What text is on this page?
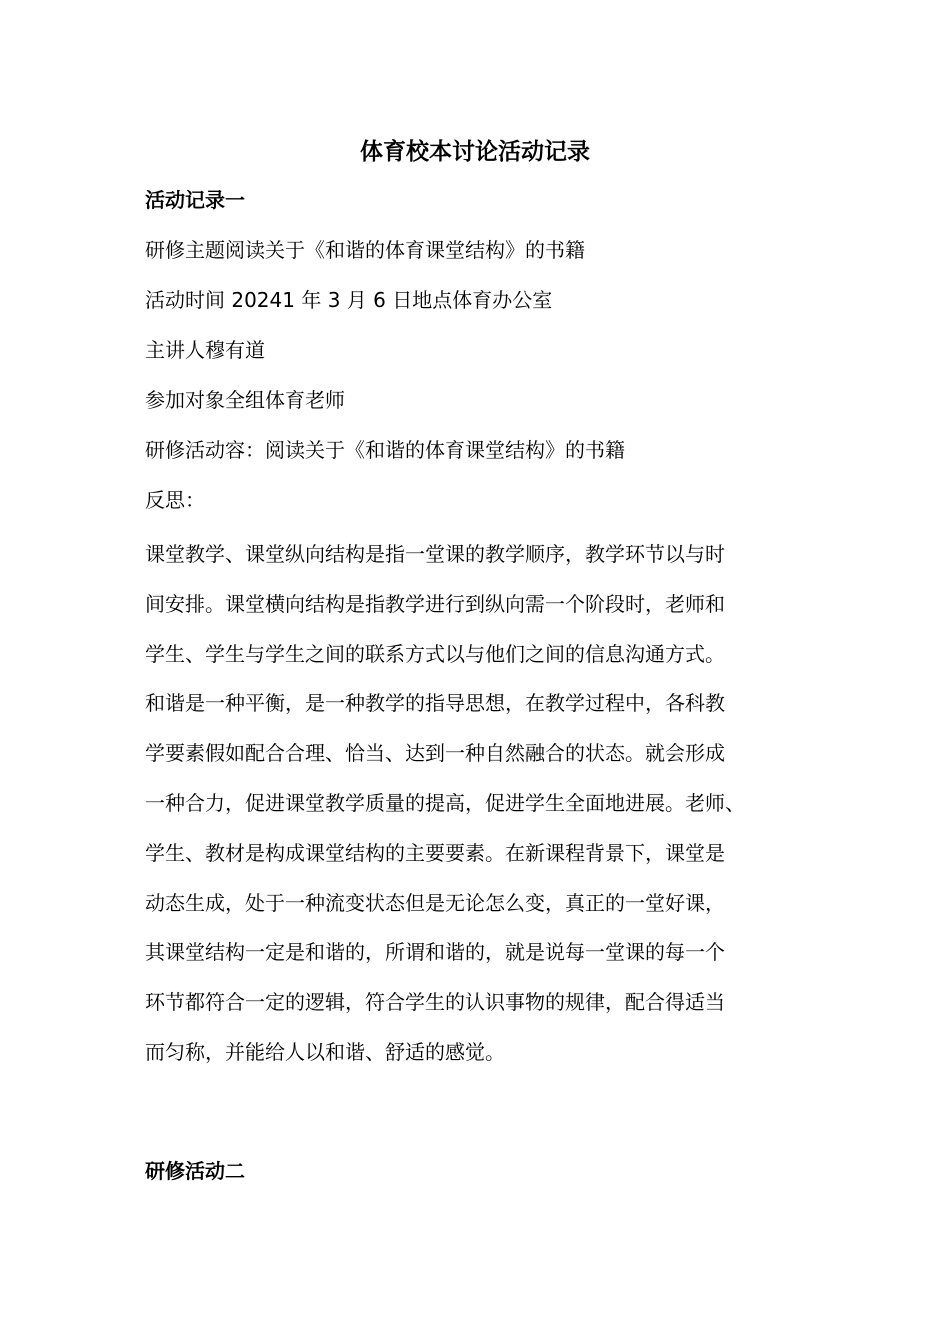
体育校本讨论活动记录
活动记录一
研修主题阅读关于《和谐的体育课堂结构》的书籍
活动时间 20241 年 3 月 6 日地点体育办公室
主讲人穆有道
参加对象全组体育老师
研修活动容：阅读关于《和谐的体育课堂结构》的书籍
反思：
课堂教学、课堂纵向结构是指一堂课的教学顺序，教学环节以与时
间安排。课堂横向结构是指教学进行到纵向需一个阶段时，老师和
学生、学生与学生之间的联系方式以与他们之间的信息沟通方式。
和谐是一种平衡，是一种教学的指导思想，在教学过程中，各科教
学要素假如配合合理、恰当、达到一种自然融合的状态。就会形成
一种合力，促进课堂教学质量的提高，促进学生全面地进展。老师、
学生、教材是构成课堂结构的主要要素。在新课程背景下，课堂是
动态生成，处于一种流变状态但是无论怎么变，真正的一堂好课，
其课堂结构一定是和谐的，所谓和谐的，就是说每一堂课的每一个
环节都符合一定的逻辑，符合学生的认识事物的规律，配合得适当
而匀称，并能给人以和谐、舒适的感觉。
研修活动二
